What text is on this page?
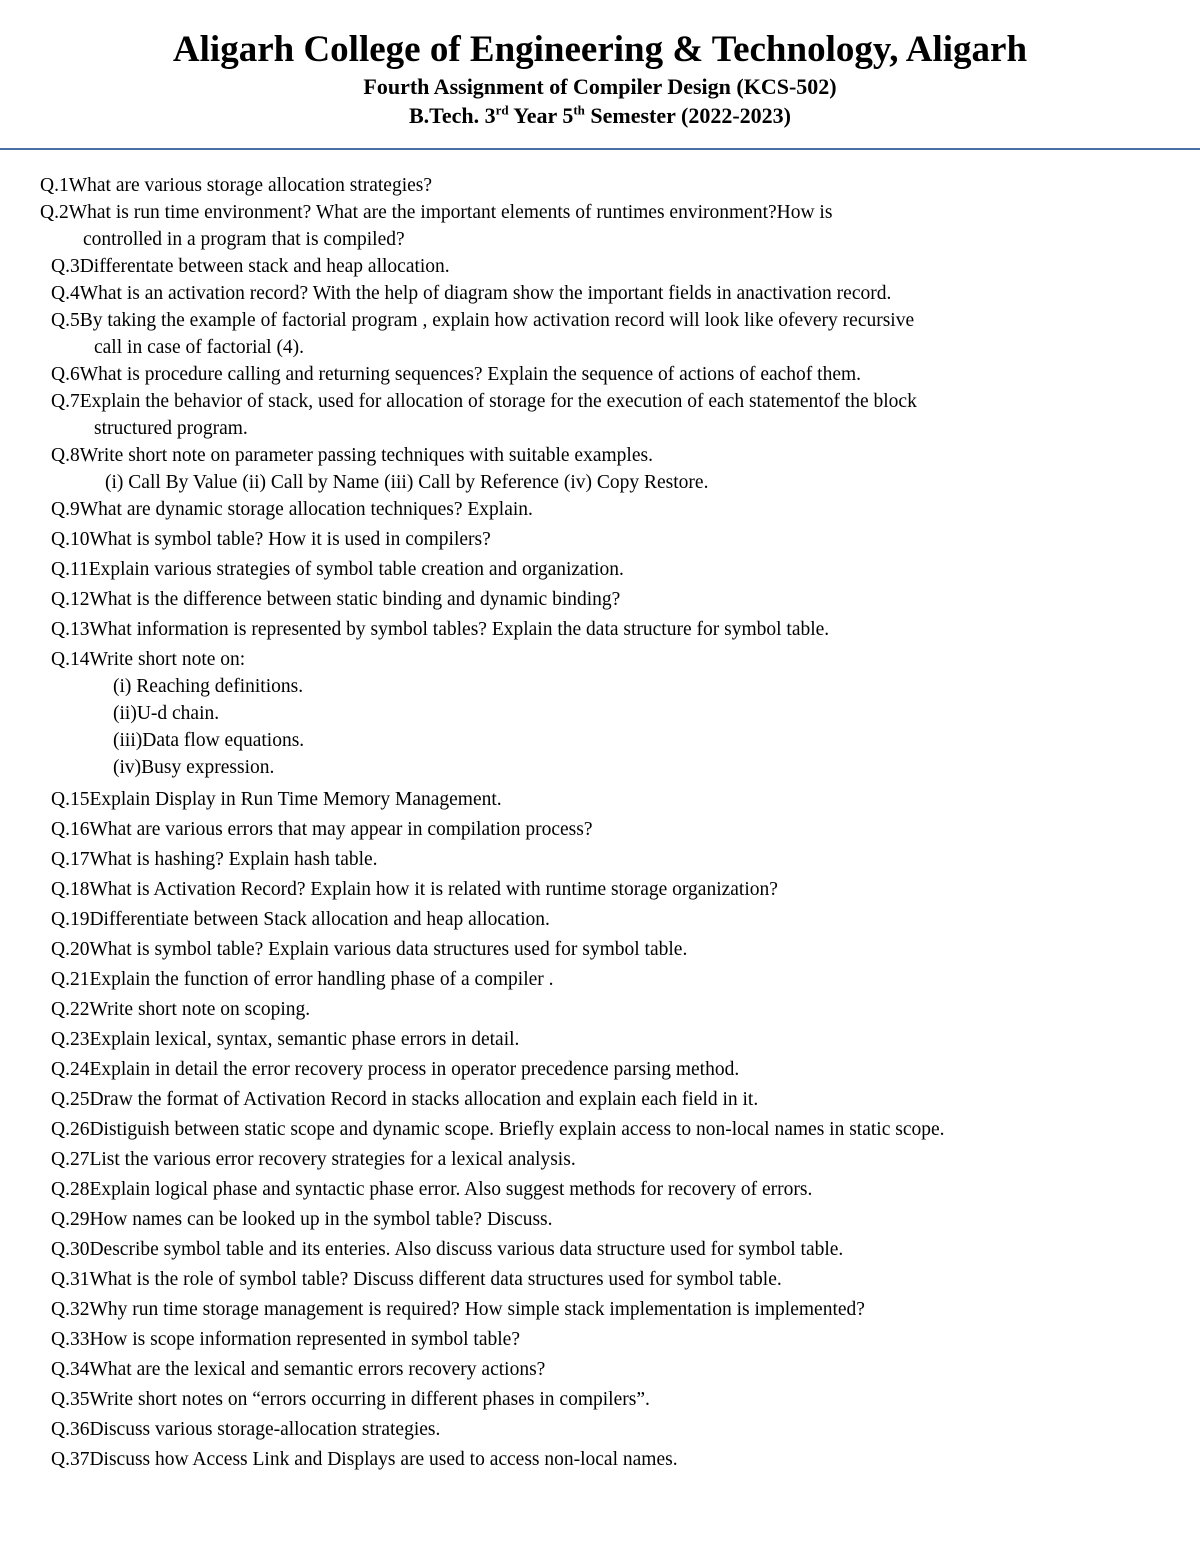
Aligarh College of Engineering & Technology, Aligarh
Fourth Assignment of Compiler Design (KCS-502)
B.Tech. 3rd Year 5th Semester (2022-2023)
Q.1What are various storage allocation strategies?
Q.2What is run time environment? What are the important elements of runtimes environment?How is
controlled in a program that is compiled?
Q.3Differentate between stack and heap allocation.
Q.4What is an activation record? With the help of diagram show the important fields in anactivation record.
Q.5By taking the example of factorial program , explain how activation record will look like ofevery recursive
call in case of factorial (4).
Q.6What is procedure calling and returning sequences? Explain the sequence of actions of eachof them.
Q.7Explain the behavior of stack, used for allocation of storage for the execution of each statementof the block
structured program.
Q.8Write short note on parameter passing techniques with suitable examples.
(i) Call By Value (ii) Call by Name (iii) Call by Reference (iv) Copy Restore.
Q.9What are dynamic storage allocation techniques? Explain.
Q.10What is symbol table? How it is used in compilers?
Q.11Explain various strategies of symbol table creation and organization.
Q.12What is the difference between static binding and dynamic binding?
Q.13What information is represented by symbol tables? Explain the data structure for symbol table.
Q.14Write short note on:
(i) Reaching definitions.
(ii)U-d chain.
(iii)Data flow equations.
(iv)Busy expression.
Q.15Explain Display in Run Time Memory Management.
Q.16What are various errors that may appear in compilation process?
Q.17What is hashing? Explain hash table.
Q.18What is Activation Record? Explain how it is related with runtime storage organization?
Q.19Differentiate between Stack allocation and heap allocation.
Q.20What is symbol table? Explain various data structures used for symbol table.
Q.21Explain the function of error handling phase of a compiler .
Q.22Write short note on scoping.
Q.23Explain lexical, syntax, semantic phase errors in detail.
Q.24Explain in detail the error recovery process in operator precedence parsing method.
Q.25Draw the format of Activation Record in stacks allocation and explain each field in it.
Q.26Distiguish between static scope and dynamic scope. Briefly explain access to non-local names in static scope.
Q.27List the various error recovery strategies for a lexical analysis.
Q.28Explain logical phase and syntactic phase error. Also suggest methods for recovery of errors.
Q.29How names can be looked up in the symbol table? Discuss.
Q.30Describe symbol table and its enteries. Also discuss various data structure used for symbol table.
Q.31What is the role of symbol table? Discuss different data structures used for symbol table.
Q.32Why run time storage management is required? How simple stack implementation is implemented?
Q.33How is scope information represented in symbol table?
Q.34What are the lexical and semantic errors recovery actions?
Q.35Write short notes on “errors occurring in different phases in compilers”.
Q.36Discuss various storage-allocation strategies.
Q.37Discuss how Access Link and Displays are used to access non-local names.
